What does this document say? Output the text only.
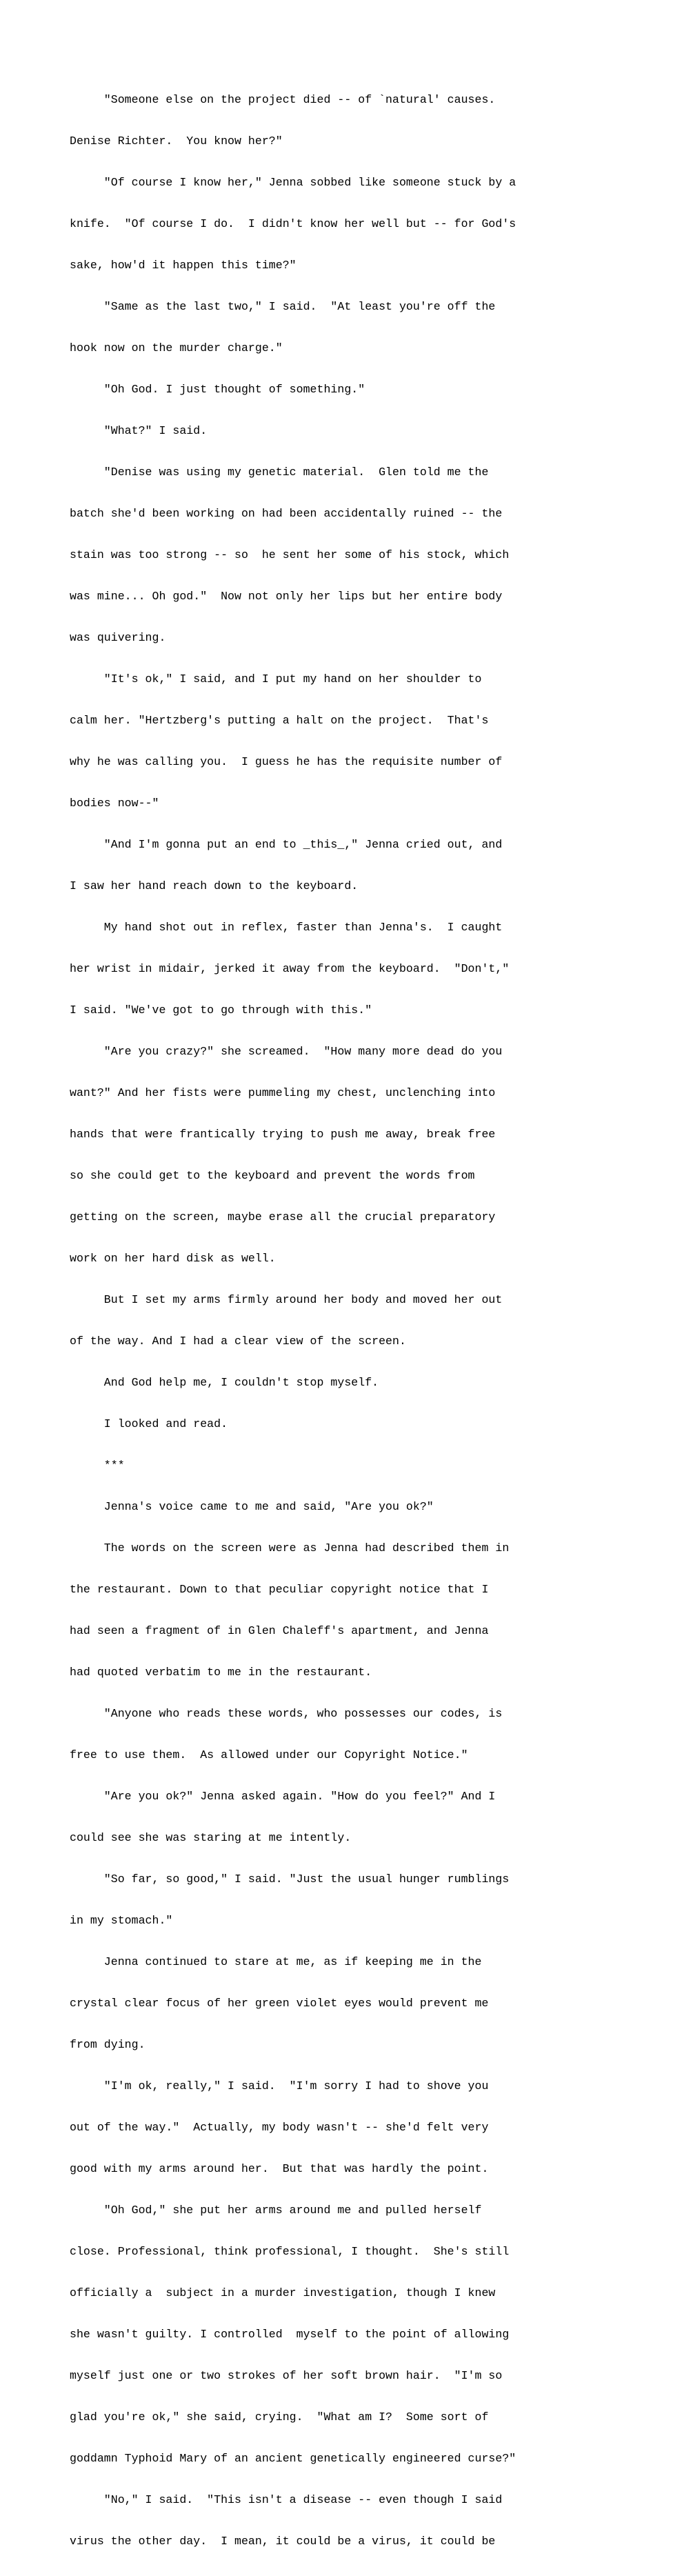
"Someone else on the project died -- of `natural' causes.

Denise Richter.  You know her?"

"Of course I know her," Jenna sobbed like someone stuck by a

knife.  "Of course I do.  I didn't know her well but -- for God's

sake, how'd it happen this time?"

"Same as the last two," I said.  "At least you're off the

hook now on the murder charge."

"Oh God. I just thought of something."

"What?" I said.

"Denise was using my genetic material.  Glen told me the

batch she'd been working on had been accidentally ruined -- the

stain was too strong -- so  he sent her some of his stock, which

was mine... Oh god."  Now not only her lips but her entire body

was quivering.

"It's ok," I said, and I put my hand on her shoulder to

calm her. "Hertzberg's putting a halt on the project.  That's

why he was calling you.  I guess he has the requisite number of

bodies now--"

"And I'm gonna put an end to _this_," Jenna cried out, and

I saw her hand reach down to the keyboard.

My hand shot out in reflex, faster than Jenna's.  I caught

her wrist in midair, jerked it away from the keyboard.  "Don't,"

I said. "We've got to go through with this."

"Are you crazy?" she screamed.  "How many more dead do you

want?" And her fists were pummeling my chest, unclenching into

hands that were frantically trying to push me away, break free

so she could get to the keyboard and prevent the words from

getting on the screen, maybe erase all the crucial preparatory

work on her hard disk as well.

But I set my arms firmly around her body and moved her out

of the way. And I had a clear view of the screen.

And God help me, I couldn't stop myself.

I looked and read.

***

Jenna's voice came to me and said, "Are you ok?"

The words on the screen were as Jenna had described them in

the restaurant. Down to that peculiar copyright notice that I

had seen a fragment of in Glen Chaleff's apartment, and Jenna

had quoted verbatim to me in the restaurant.

"Anyone who reads these words, who possesses our codes, is

free to use them.  As allowed under our Copyright Notice."

"Are you ok?" Jenna asked again. "How do you feel?" And I

could see she was staring at me intently.

"So far, so good," I said. "Just the usual hunger rumblings

in my stomach."

Jenna continued to stare at me, as if keeping me in the

crystal clear focus of her green violet eyes would prevent me

from dying.

"I'm ok, really," I said.  "I'm sorry I had to shove you

out of the way."  Actually, my body wasn't -- she'd felt very

good with my arms around her.  But that was hardly the point.

"Oh God," she put her arms around me and pulled herself

close. Professional, think professional, I thought.  She's still

officially a  subject in a murder investigation, though I knew

she wasn't guilty. I controlled  myself to the point of allowing

myself just one or two strokes of her soft brown hair.  "I'm so

glad you're ok," she said, crying.  "What am I?  Some sort of

goddamn Typhoid Mary of an ancient genetically engineered curse?"

"No," I said.  "This isn't a disease -- even though I said

virus the other day.  I mean, it could be a virus, it could be
